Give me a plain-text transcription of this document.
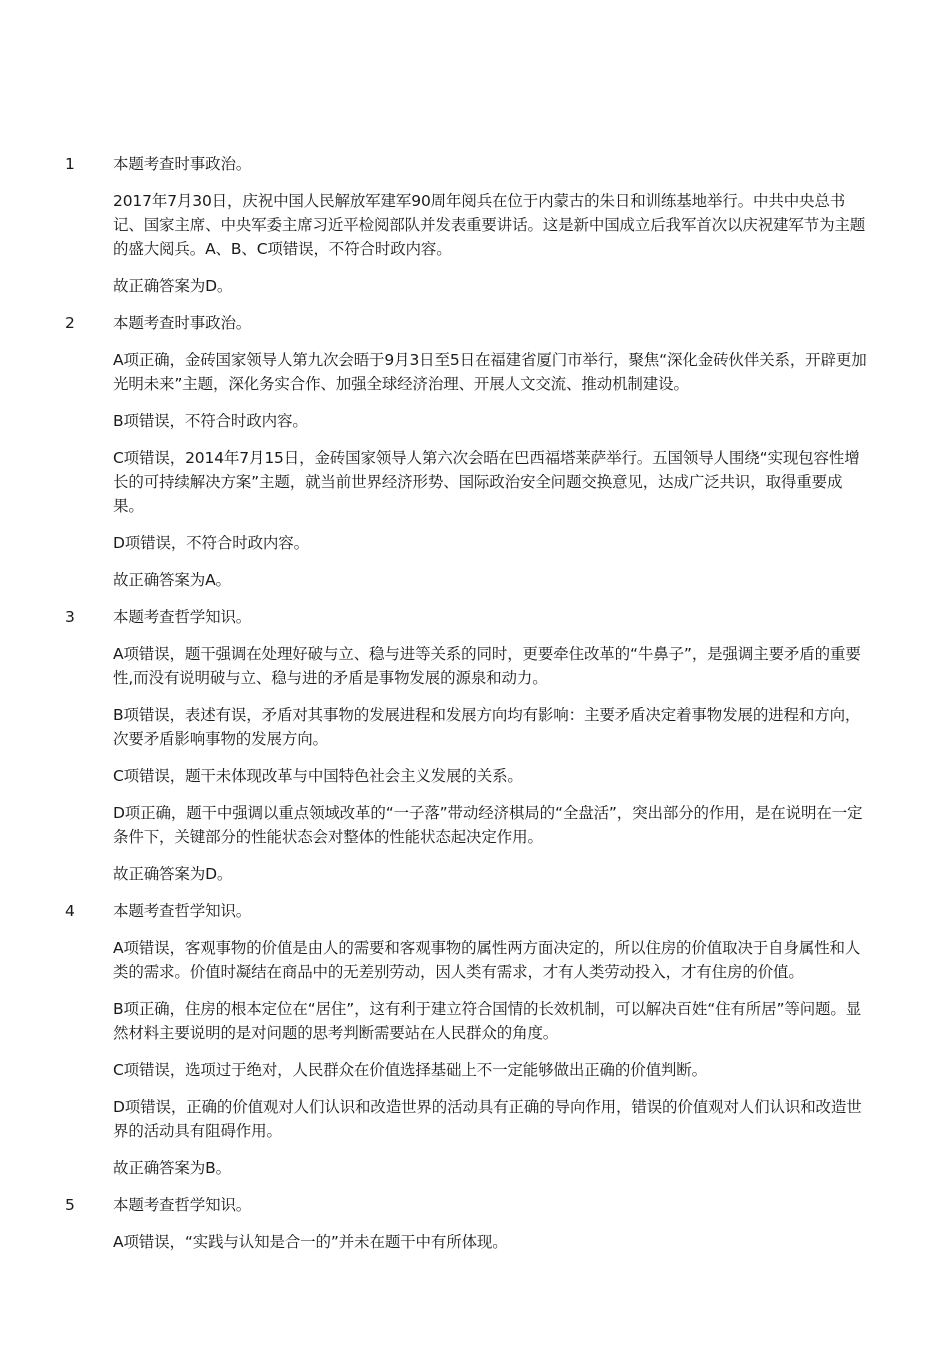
1 本题考查时事政治。

2017年7月30日，庆祝中国人民解放军建军90周年阅兵在位于内蒙古的朱日和训练基地举行。中共中央总书记、国家主席、中央军委主席习近平检阅部队并发表重要讲话。这是新中国成立后我军首次以庆祝建军节为主题的盛大阅兵。A、B、C项错误，不符合时政内容。

故正确答案为D。

2 本题考查时事政治。

A项正确，金砖国家领导人第九次会晤于9月3日至5日在福建省厦门市举行，聚焦“深化金砖伙伴关系，开辟更加光明未来”主题，深化务实合作、加强全球经济治理、开展人文交流、推动机制建设。

B项错误，不符合时政内容。

C项错误，2014年7月15日，金砖国家领导人第六次会晤在巴西福塔莱萨举行。五国领导人围绕“实现包容性增长的可持续解决方案”主题，就当前世界经济形势、国际政治安全问题交换意见，达成广泛共识，取得重要成果。

D项错误，不符合时政内容。

故正确答案为A。

3 本题考查哲学知识。

A项错误，题干强调在处理好破与立、稳与进等关系的同时，更要牵住改革的“牛鼻子”，是强调主要矛盾的重要性,而没有说明破与立、稳与进的矛盾是事物发展的源泉和动力。

B项错误，表述有误，矛盾对其事物的发展进程和发展方向均有影响：主要矛盾决定着事物发展的进程和方向，次要矛盾影响事物的发展方向。

C项错误，题干未体现改革与中国特色社会主义发展的关系。

D项正确，题干中强调以重点领域改革的“一子落”带动经济棋局的“全盘活”，突出部分的作用，是在说明在一定条件下，关键部分的性能状态会对整体的性能状态起决定作用。

故正确答案为D。

4 本题考查哲学知识。

A项错误，客观事物的价值是由人的需要和客观事物的属性两方面决定的，所以住房的价值取决于自身属性和人类的需求。价值时凝结在商品中的无差别劳动，因人类有需求，才有人类劳动投入，才有住房的价值。

B项正确，住房的根本定位在“居住”，这有利于建立符合国情的长效机制，可以解决百姓“住有所居”等问题。显然材料主要说明的是对问题的思考判断需要站在人民群众的角度。

C项错误，选项过于绝对，人民群众在价值选择基础上不一定能够做出正确的价值判断。

D项错误，正确的价值观对人们认识和改造世界的活动具有正确的导向作用，错误的价值观对人们认识和改造世界的活动具有阻碍作用。

故正确答案为B。

5 本题考查哲学知识。

A项错误，“实践与认知是合一的”并未在题干中有所体现。
